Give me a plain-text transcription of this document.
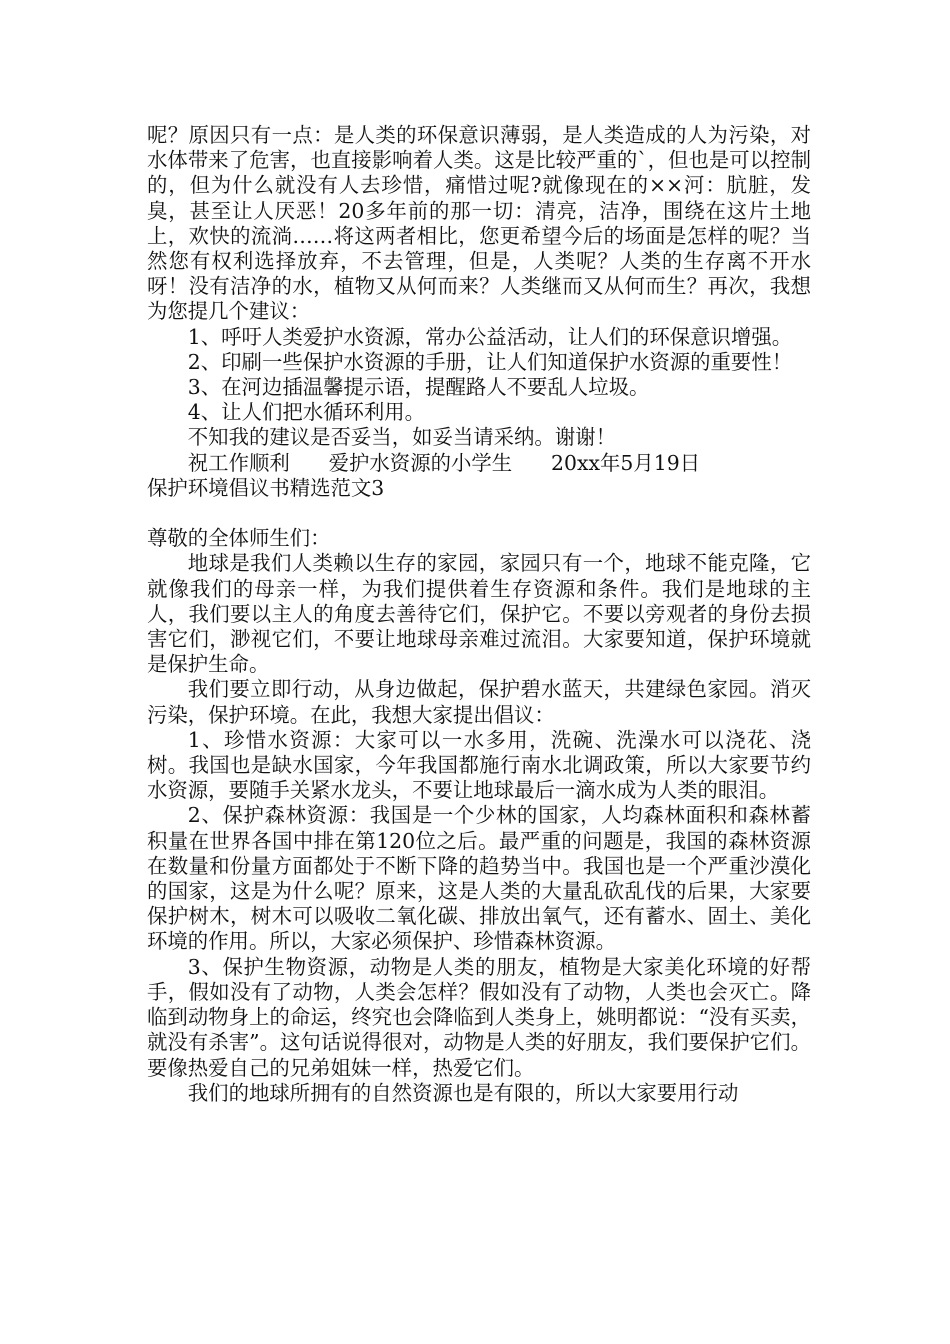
呢？原因只有一点：是人类的环保意识薄弱，是人类造成的人为污染，对水体带来了危害，也直接影响着人类。这是比较严重的`，但也是可以控制的，但为什么就没有人去珍惜，痛惜过呢?就像现在的××河：肮脏，发臭，甚至让人厌恶！20多年前的那一切：清亮，洁净，围绕在这片土地上，欢快的流淌……将这两者相比，您更希望今后的场面是怎样的呢？当然您有权利选择放弃，不去管理，但是，人类呢？人类的生存离不开水呀！没有洁净的水，植物又从何而来？人类继而又从何而生？再次，我想为您提几个建议：

1、呼吁人类爱护水资源，常办公益活动，让人们的环保意识增强。

2、印刷一些保护水资源的手册，让人们知道保护水资源的重要性！

3、在河边插温馨提示语，提醒路人不要乱人垃圾。

4、让人们把水循环利用。

不知我的建议是否妥当，如妥当请采纳。谢谢！

祝工作顺利      爱护水资源的小学生      20xx年5月19日

保护环境倡议书精选范文3

尊敬的全体师生们：

地球是我们人类赖以生存的家园，家园只有一个，地球不能克隆，它就像我们的母亲一样，为我们提供着生存资源和条件。我们是地球的主人，我们要以主人的角度去善待它们，保护它。不要以旁观者的身份去损害它们，渺视它们，不要让地球母亲难过流泪。大家要知道，保护环境就是保护生命。

我们要立即行动，从身边做起，保护碧水蓝天，共建绿色家园。消灭污染，保护环境。在此，我想大家提出倡议：

1、珍惜水资源：大家可以一水多用，洗碗、洗澡水可以浇花、浇树。我国也是缺水国家，今年我国都施行南水北调政策，所以大家要节约水资源，要随手关紧水龙头，不要让地球最后一滴水成为人类的眼泪。

2、保护森林资源：我国是一个少林的国家，人均森林面积和森林蓄积量在世界各国中排在第120位之后。最严重的问题是，我国的森林资源在数量和份量方面都处于不断下降的趋势当中。我国也是一个严重沙漠化的国家，这是为什么呢？原来，这是人类的大量乱砍乱伐的后果，大家要保护树木，树木可以吸收二氧化碳、排放出氧气，还有蓄水、固土、美化环境的作用。所以，大家必须保护、珍惜森林资源。

3、保护生物资源，动物是人类的朋友，植物是大家美化环境的好帮手，假如没有了动物，人类会怎样？假如没有了动物，人类也会灭亡。降临到动物身上的命运，终究也会降临到人类身上，姚明都说：“没有买卖，就没有杀害”。这句话说得很对，动物是人类的好朋友，我们要保护它们。要像热爱自己的兄弟姐妹一样，热爱它们。

我们的地球所拥有的自然资源也是有限的，所以大家要用行动
